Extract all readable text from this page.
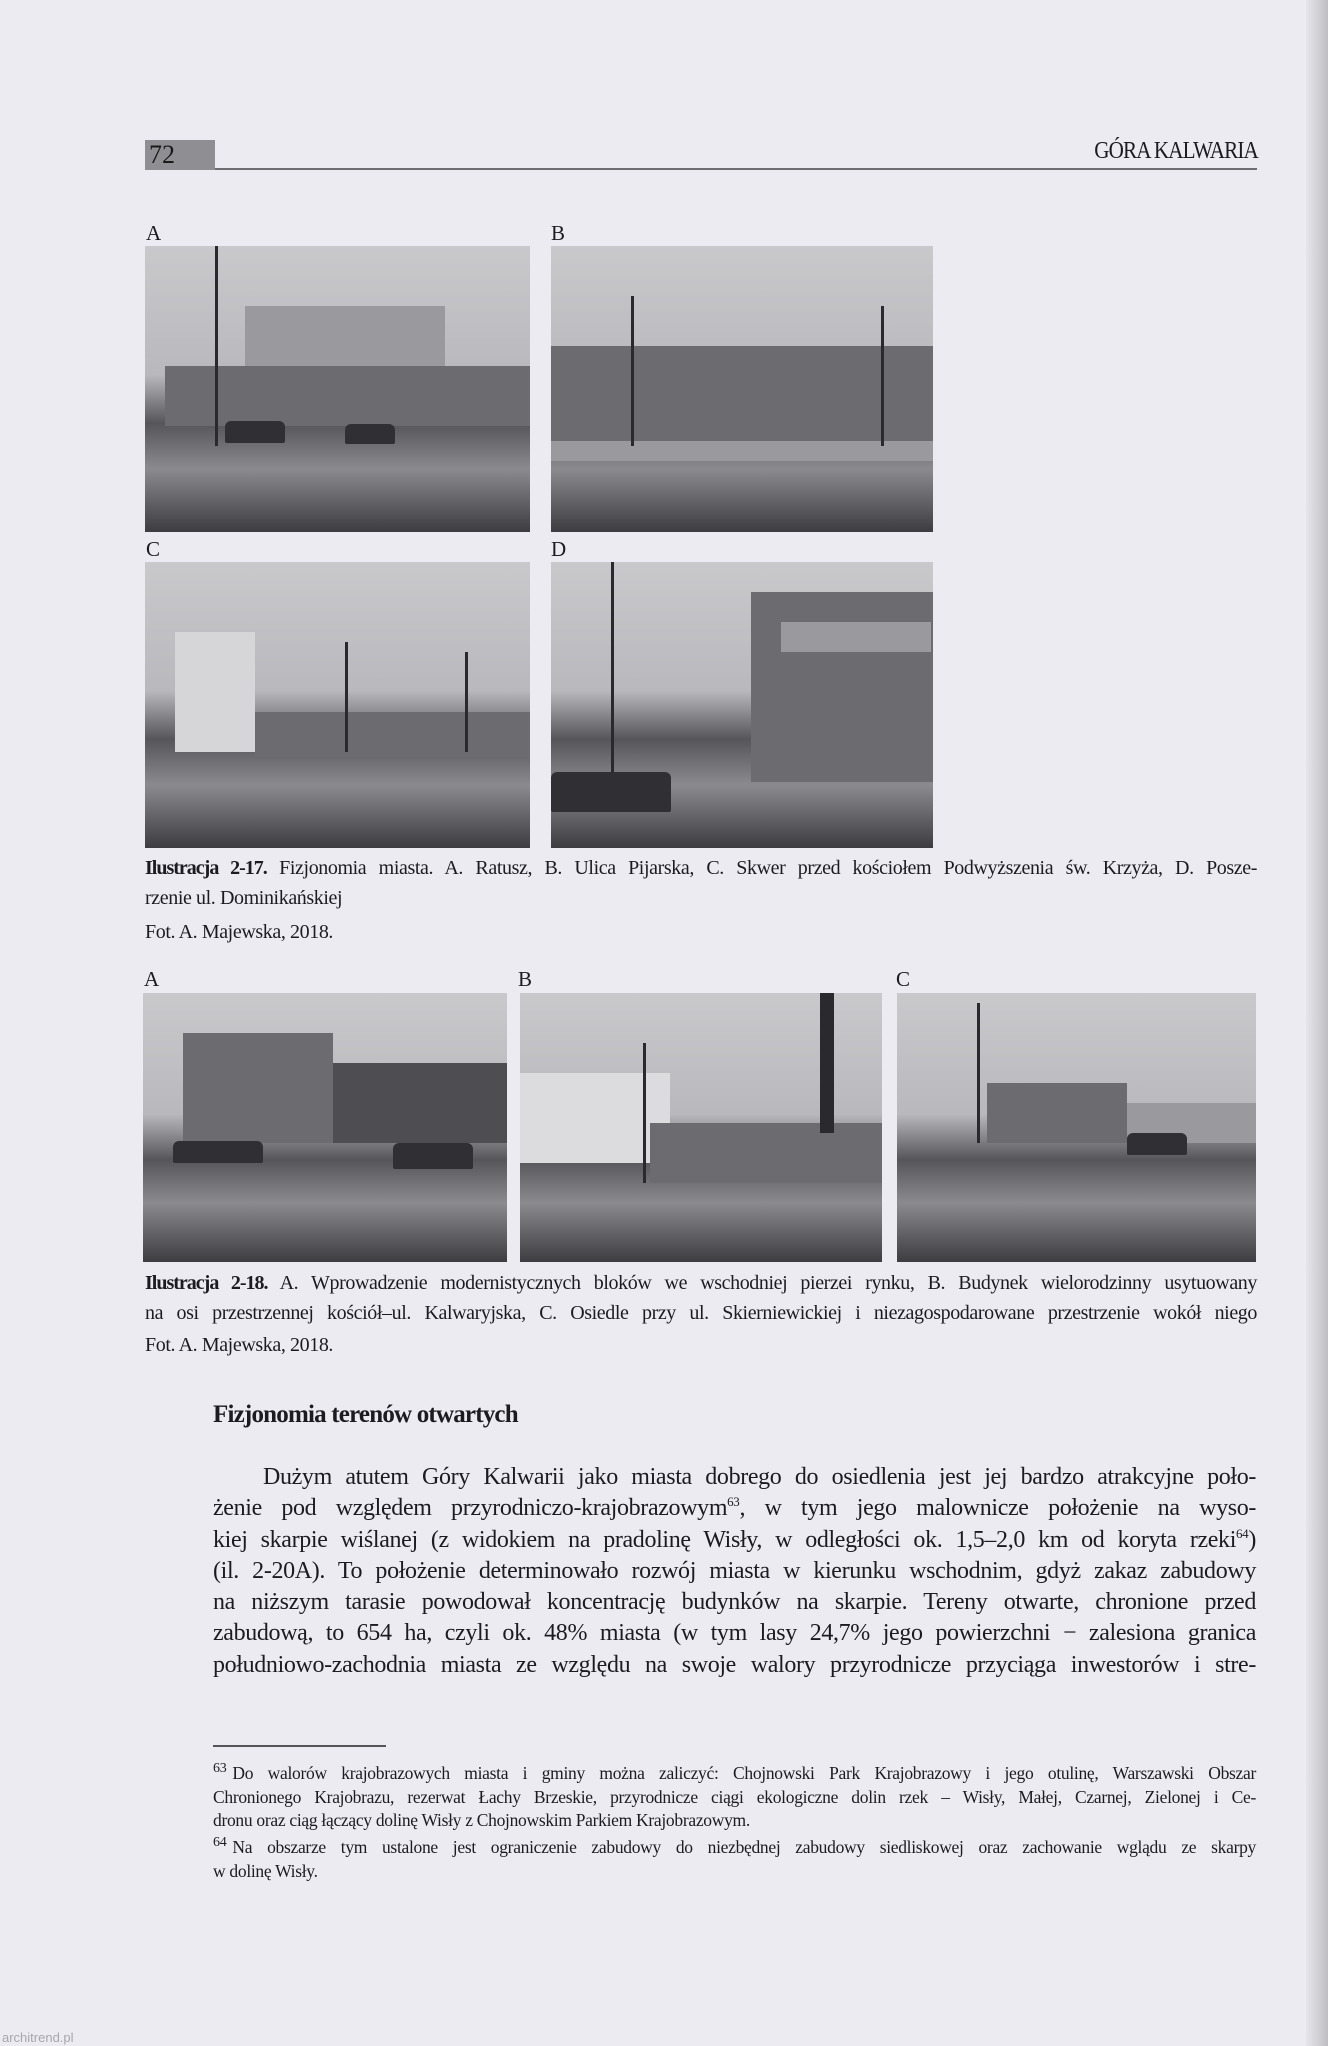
72	GÓRA KALWARIA
A	B
C	D
Ilustracja 2-17. Fizjonomia miasta. A. Ratusz, B. Ulica Pijarska, C. Skwer przed kościołem Podwyższenia św. Krzyża, D. Posze-
rzenie ul. Dominikańskiej
Fot. A. Majewska, 2018.
A	B	C
Ilustracja 2-18. A. Wprowadzenie modernistycznych bloków we wschodniej pierzei rynku, B. Budynek wielorodzinny usytuowany
na osi przestrzennej kościół–ul. Kalwaryjska, C. Osiedle przy ul. Skierniewickiej i niezagospodarowane przestrzenie wokół niego
Fot. A. Majewska, 2018.
Fizjonomia terenów otwartych
Dużym atutem Góry Kalwarii jako miasta dobrego do osiedlenia jest jej bardzo atrakcyjne poło-
żenie pod względem przyrodniczo-krajobrazowym$^{63}$, w tym jego malownicze położenie na wyso-
kiej skarpie wiślanej (z widokiem na pradolinę Wisły, w odległości ok. 1,5–2,0 km od koryta rzeki$^{64}$)
(il. 2-20A). To położenie determinowało rozwój miasta w kierunku wschodnim, gdyż zakaz zabudowy
na niższym tarasie powodował koncentrację budynków na skarpie. Tereny otwarte, chronione przed
zabudową, to 654 ha, czyli ok. 48% miasta (w tym lasy 24,7% jego powierzchni − zalesiona granica
południowo-zachodnia miasta ze względu na swoje walory przyrodnicze przyciąga inwestorów i stre-
$^{63}$ Do walorów krajobrazowych miasta i gminy można zaliczyć: Chojnowski Park Krajobrazowy i jego otulinę, Warszawski Obszar
Chronionego Krajobrazu, rezerwat Łachy Brzeskie, przyrodnicze ciągi ekologiczne dolin rzek – Wisły, Małej, Czarnej, Zielonej i Ce-
dronu oraz ciąg łączący dolinę Wisły z Chojnowskim Parkiem Krajobrazowym.
$^{64}$ Na obszarze tym ustalone jest ograniczenie zabudowy do niezbędnej zabudowy siedliskowej oraz zachowanie wglądu ze skarpy
w dolinę Wisły.
architrend.pl
